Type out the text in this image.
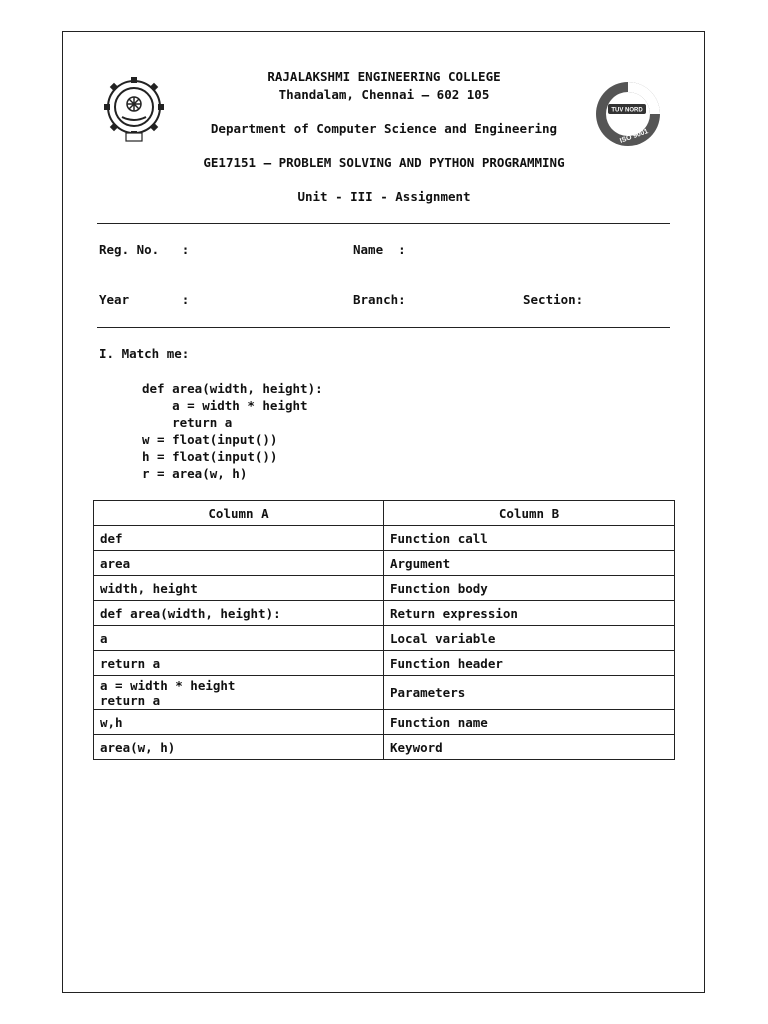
TUV NORD
ISO 9001
RAJALAKSHMI ENGINEERING COLLEGE
Thandalam, Chennai – 602 105
Department of Computer Science and Engineering
GE17151 – PROBLEM SOLVING AND PYTHON PROGRAMMING
Unit - III - Assignment
Reg. No.   :	Name  :
Year       :	Branch:	Section:
I. Match me:
def area(width, height):
a = width * height
return a
w = float(input())
h = float(input())
r = area(w, h)
Column A	Column B
def	Function call
area	Argument
width, height	Function body
def area(width, height):	Return expression
a	Local variable
return a	Function header
a = width * height
return a	Parameters
w,h	Function name
area(w, h)	Keyword
